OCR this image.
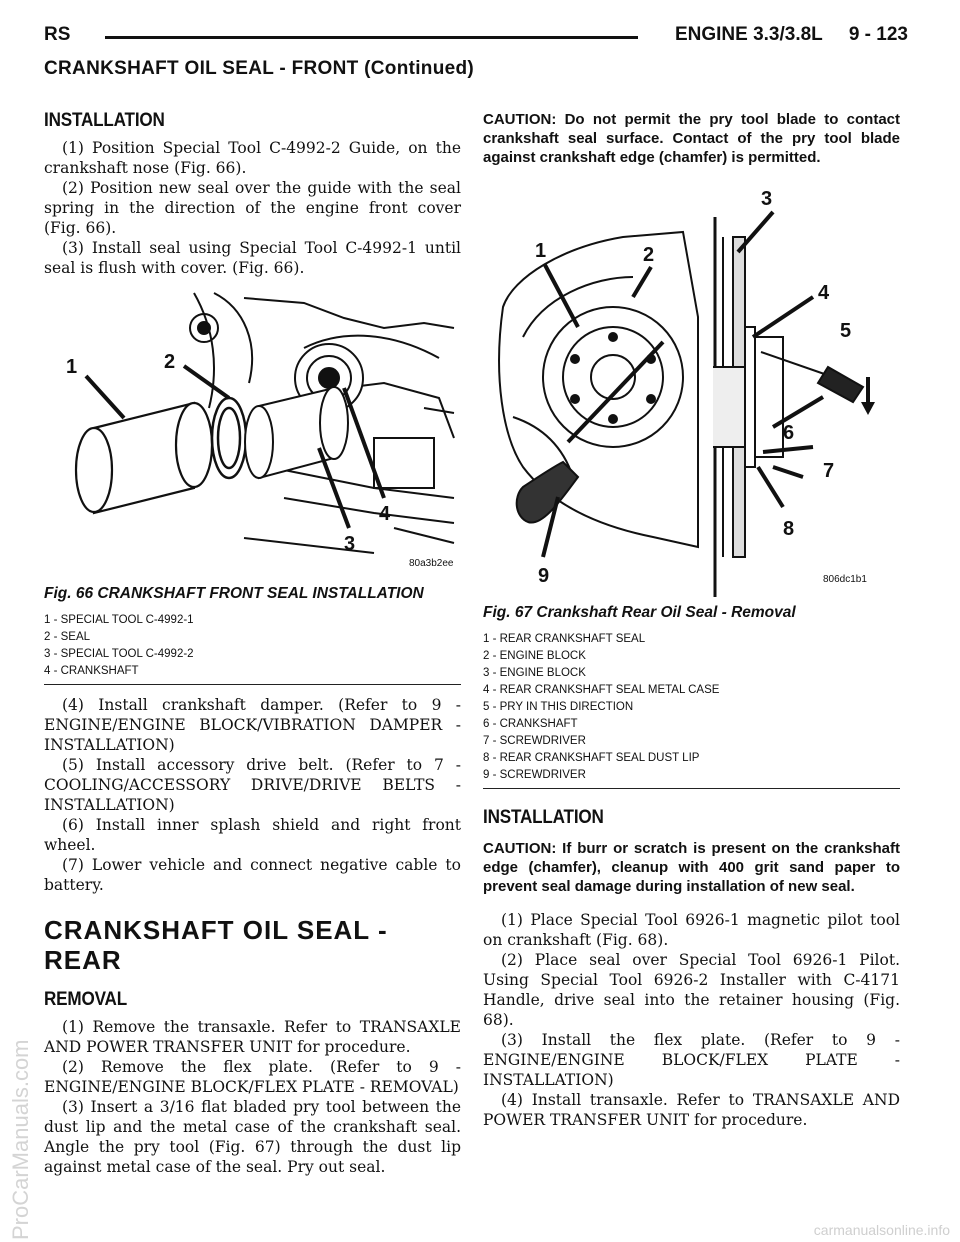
RS	ENGINE 3.3/3.8L     9 - 123
CRANKSHAFT OIL SEAL - FRONT (Continued)
INSTALLATION

(1) Position Special Tool C-4992-2 Guide, on the crankshaft nose (Fig. 66).

(2) Position new seal over the guide with the seal spring in the direction of the engine front cover (Fig. 66).

(3) Install seal using Special Tool C-4992-1 until seal is flush with cover. (Fig. 66).

1	2
3
4
80a3b2ee
Fig. 66 CRANKSHAFT FRONT SEAL INSTALLATION
1 - SPECIAL TOOL C-4992-1
2 - SEAL
3 - SPECIAL TOOL C-4992-2
4 - CRANKSHAFT

(4) Install crankshaft damper. (Refer to 9 - ENGINE/ENGINE BLOCK/VIBRATION DAMPER - INSTALLATION)

(5) Install accessory drive belt. (Refer to 7 - COOLING/ACCESSORY DRIVE/DRIVE BELTS - INSTALLATION)

(6) Install inner splash shield and right front wheel.

(7) Lower vehicle and connect negative cable to battery.

CRANKSHAFT OIL SEAL - REAR
REMOVAL

(1) Remove the transaxle. Refer to TRANSAXLE AND POWER TRANSFER UNIT for procedure.

(2) Remove the flex plate. (Refer to 9 - ENGINE/ENGINE BLOCK/FLEX PLATE - REMOVAL)

(3) Insert a 3/16 flat bladed pry tool between the dust lip and the metal case of the crankshaft seal. Angle the pry tool (Fig. 67) through the dust lip against metal case of the seal. Pry out seal.

CAUTION: Do not permit the pry tool blade to contact crankshaft seal surface. Contact of the pry tool blade against crankshaft edge (chamfer) is permitted.

1	2
3
4
5
6
7
8
9	806dc1b1
Fig. 67 Crankshaft Rear Oil Seal - Removal
1 - REAR CRANKSHAFT SEAL
2 - ENGINE BLOCK
3 - ENGINE BLOCK
4 - REAR CRANKSHAFT SEAL METAL CASE
5 - PRY IN THIS DIRECTION
6 - CRANKSHAFT
7 - SCREWDRIVER
8 - REAR CRANKSHAFT SEAL DUST LIP
9 - SCREWDRIVER
INSTALLATION

CAUTION: If burr or scratch is present on the crankshaft edge (chamfer), cleanup with 400 grit sand paper to prevent seal damage during installation of new seal.

(1) Place Special Tool 6926-1 magnetic pilot tool on crankshaft (Fig. 68).

(2) Place seal over Special Tool 6926-1 Pilot. Using Special Tool 6926-2 Installer with C-4171 Handle, drive seal into the retainer housing (Fig. 68).

(3) Install the flex plate. (Refer to 9 - ENGINE/ENGINE BLOCK/FLEX PLATE - INSTALLATION)

(4) Install transaxle. Refer to TRANSAXLE AND POWER TRANSFER UNIT for procedure.

ProCarManuals.com	carmanualsonline.info
